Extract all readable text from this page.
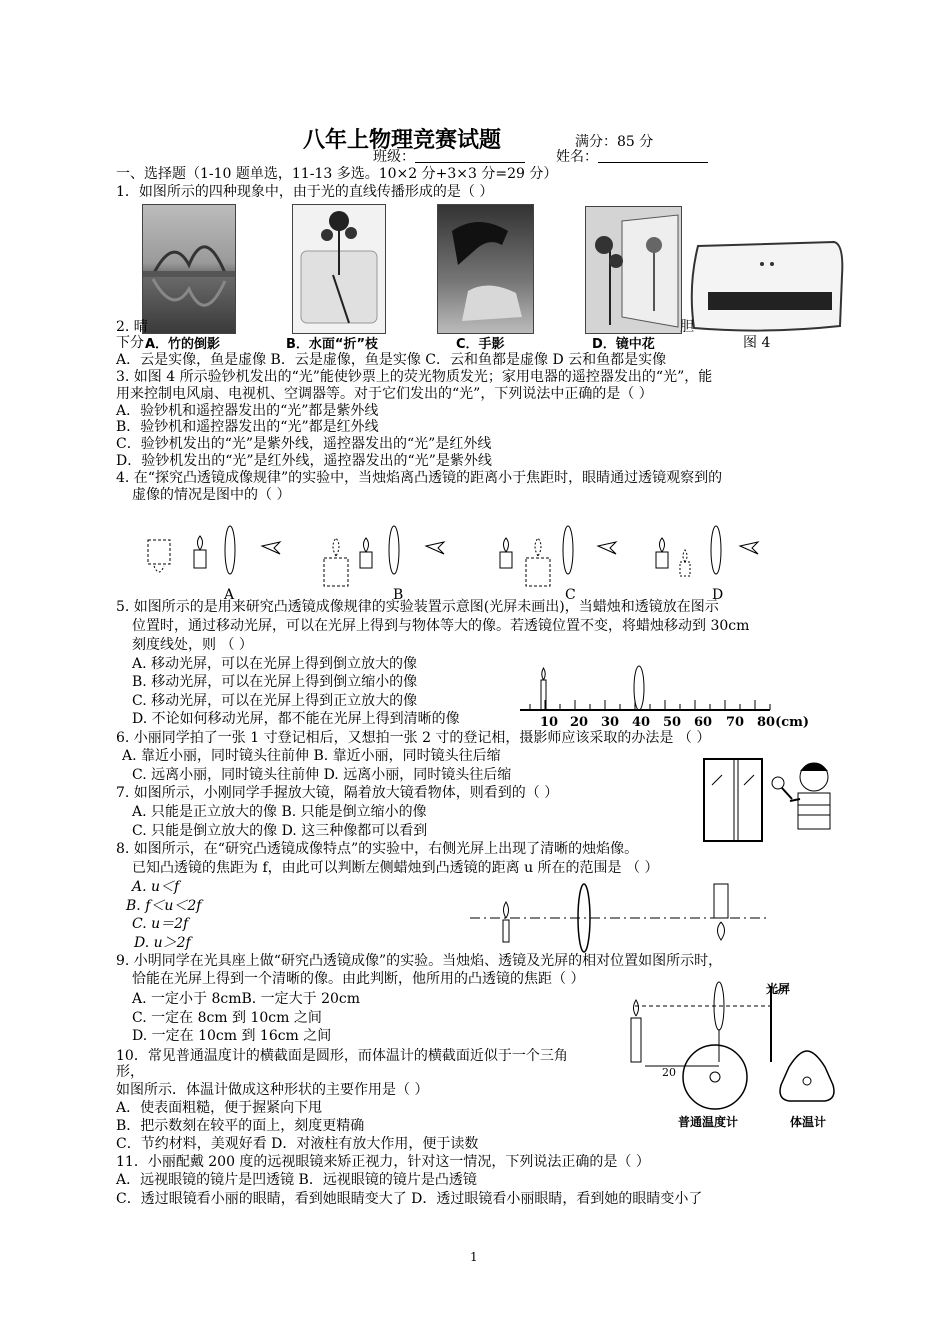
八年上物理竞赛试题	满分：85 分
班级：	姓名：
一、选择题（1-10 题单选，11-13 多选。10×2 分+3×3 分=29 分）
1．如图所示的四种现象中，由于光的直线传播形成的是（ ）
2. 晴	胆
下分 A．竹的倒影	B．水面“折”枝	C．手影	D．镜中花	图 4
A．云是实像，鱼是虚像 B．云是虚像，鱼是实像 C．云和鱼都是虚像 D 云和鱼都是实像
3. 如图 4 所示验钞机发出的“光”能使钞票上的荧光物质发光；家用电器的遥控器发出的“光”，能
用来控制电风扇、电视机、空调器等。对于它们发出的“光”，下列说法中正确的是（ ）
A．验钞机和遥控器发出的“光”都是紫外线
B．验钞机和遥控器发出的“光”都是红外线
C．验钞机发出的“光”是紫外线，遥控器发出的“光”是红外线
D．验钞机发出的“光”是红外线，遥控器发出的“光”是紫外线
4. 在“探究凸透镜成像规律”的实验中，当烛焰离凸透镜的距离小于焦距时，眼睛通过透镜观察到的
虚像的情况是图中的（ ）
A	B	C	D
5. 如图所示的是用来研究凸透镜成像规律的实验装置示意图(光屏未画出)，当蜡烛和透镜放在图示
位置时，通过移动光屏，可以在光屏上得到与物体等大的像。若透镜位置不变，将蜡烛移动到 30cm
刻度线处，则 （ ）
A. 移动光屏，可以在光屏上得到倒立放大的像
B. 移动光屏，可以在光屏上得到倒立缩小的像
C. 移动光屏，可以在光屏上得到正立放大的像
D. 不论如何移动光屏，都不能在光屏上得到清晰的像	10 20 30 40 50 60 70 80(cm)
6. 小丽同学拍了一张 1 寸登记相后，又想拍一张 2 寸的登记相，摄影师应该采取的办法是 （ ）
A. 靠近小丽，同时镜头往前伸 B. 靠近小丽，同时镜头往后缩
C. 远离小丽，同时镜头往前伸 D. 远离小丽，同时镜头往后缩
7. 如图所示，小刚同学手握放大镜，隔着放大镜看物体，则看到的（ ）
A. 只能是正立放大的像 B. 只能是倒立缩小的像
C. 只能是倒立放大的像 D. 这三种像都可以看到
8. 如图所示，在“研究凸透镜成像特点”的实验中，右侧光屏上出现了清晰的烛焰像。
已知凸透镜的焦距为 f，由此可以判断左侧蜡烛到凸透镜的距离 u 所在的范围是 （ ）
A. u＜f
B. f＜u＜2f
C. u＝2f
D. u＞2f
9. 小明同学在光具座上做“研究凸透镜成像”的实验。当烛焰、透镜及光屏的相对位置如图所示时，
恰能在光屏上得到一个清晰的像。由此判断，他所用的凸透镜的焦距（ ）
A. 一定小于 8cmB. 一定大于 20cm
C. 一定在 8cm 到 10cm 之间
D. 一定在 10cm 到 16cm 之间
光屏
20
10．常见普通温度计的横截面是圆形，而体温计的横截面近似于一个三角
形，
如图所示．体温计做成这种形状的主要作用是（ ）
A．使表面粗糙，便于握紧向下甩
B．把示数刻在较平的面上，刻度更精确
C．节约材料，美观好看 D．对液柱有放大作用，便于读数
普通温度计	体温计
11．小丽配戴 200 度的远视眼镜来矫正视力，针对这一情况，下列说法正确的是（ ）
A．远视眼镜的镜片是凹透镜 B．远视眼镜的镜片是凸透镜
C．透过眼镜看小丽的眼睛，看到她眼睛变大了 D．透过眼镜看小丽眼睛，看到她的眼睛变小了
1
